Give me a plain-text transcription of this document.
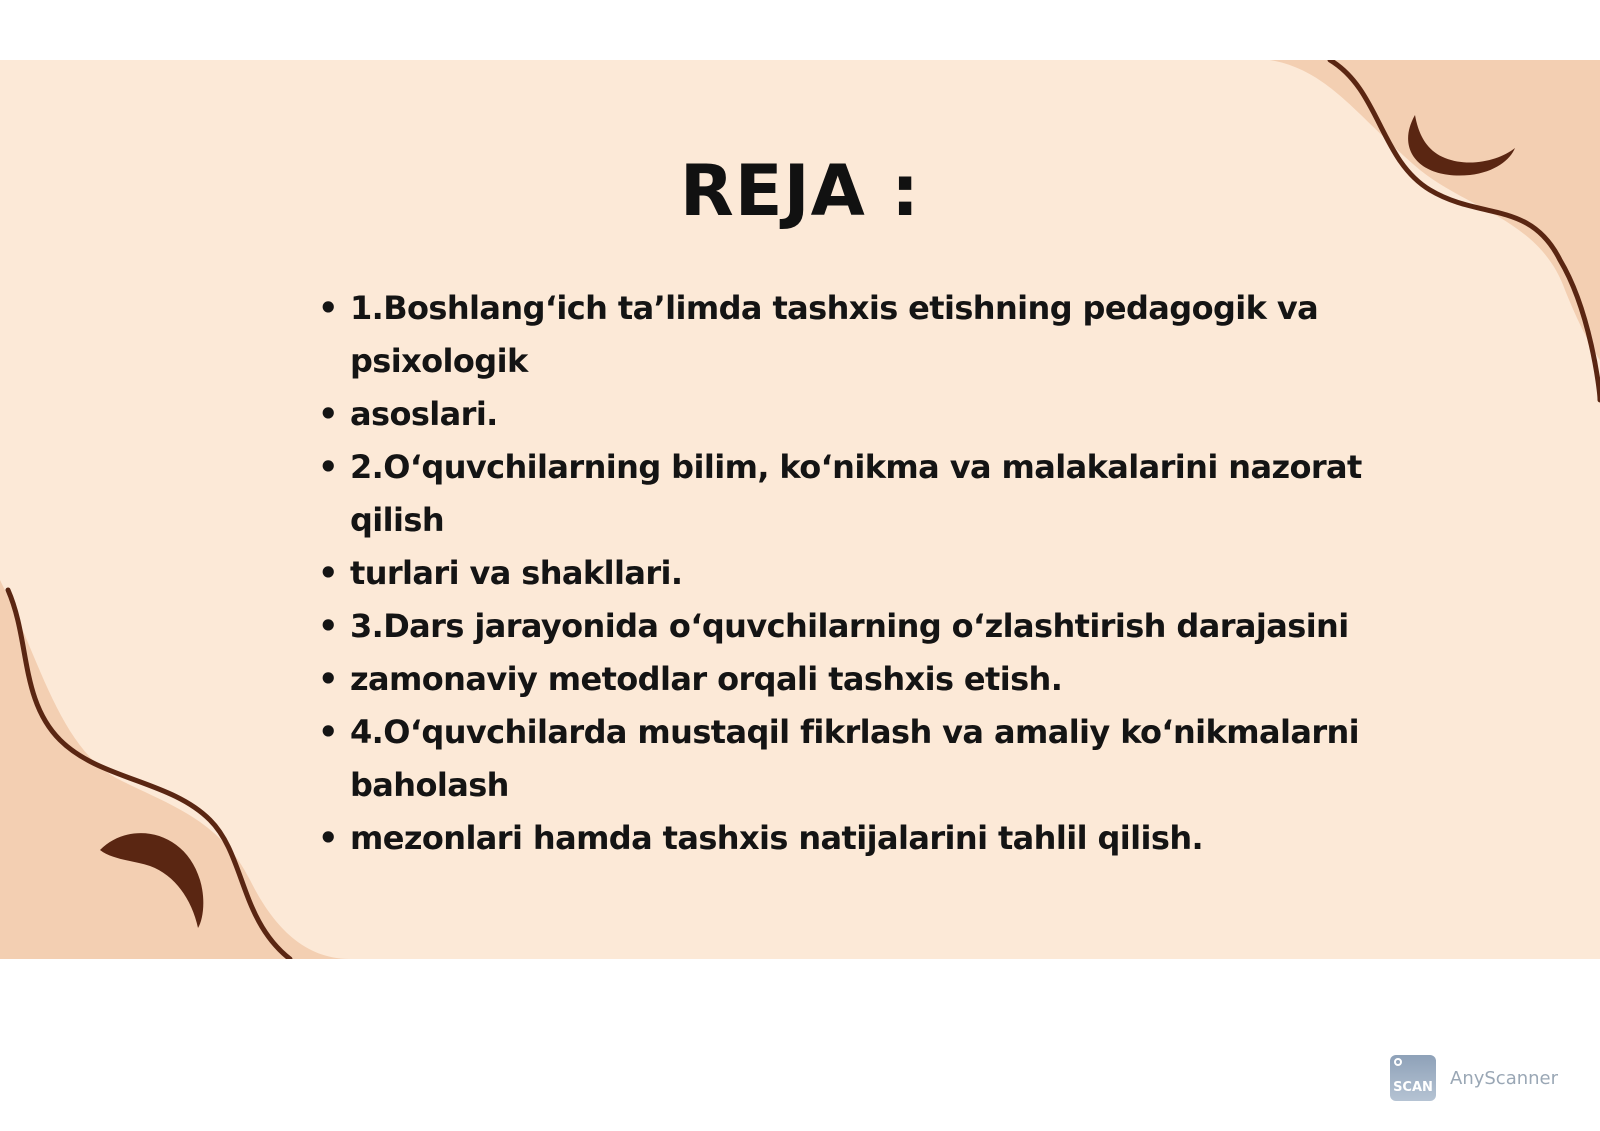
REJA :
• 1.Boshlang‘ich ta’limda tashxis etishning pedagogik va psixologik
• asoslari.
• 2.O‘quvchilarning bilim, ko‘nikma va malakalarini nazorat qilish
• turlari va shakllari.
• 3.Dars jarayonida o‘quvchilarning o‘zlashtirish darajasini
• zamonaviy metodlar orqali tashxis etish.
• 4.O‘quvchilarda mustaqil fikrlash va amaliy ko‘nikmalarni baholash
• mezonlari hamda tashxis natijalarini tahlil qilish.
SCAN AnyScanner
